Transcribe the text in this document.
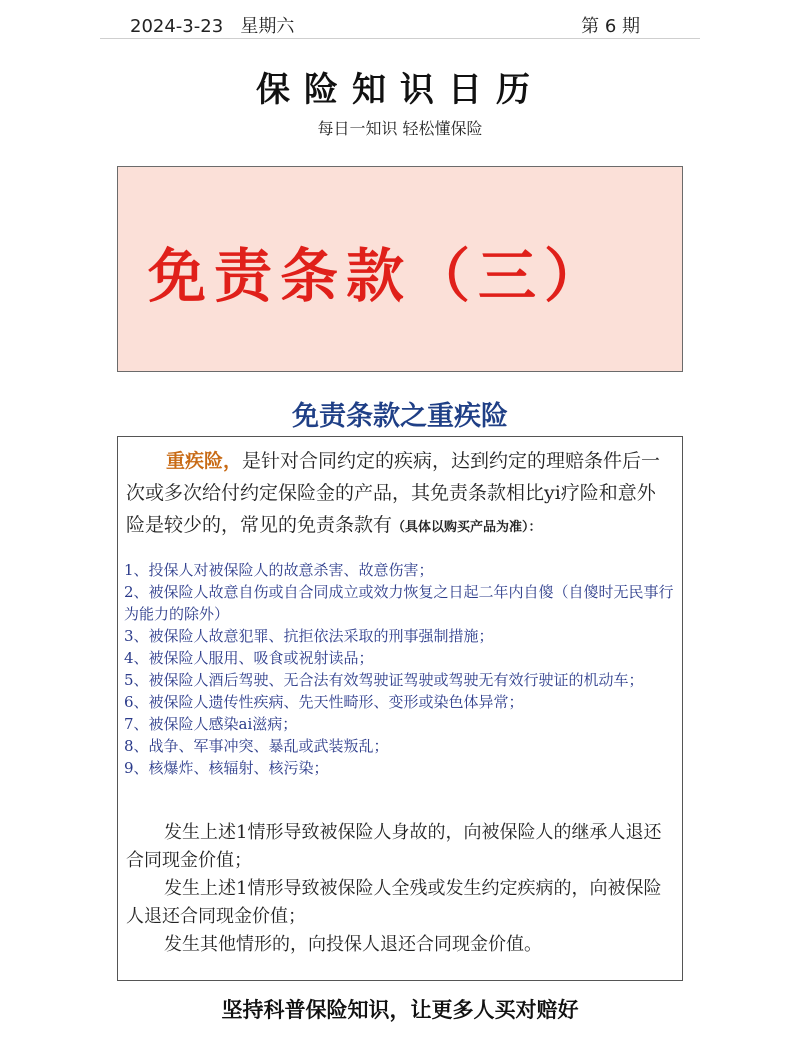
2024-3-23 星期六	第 6 期
保险知识日历
每日一知识 轻松懂保险
免责条款（三）
免责条款之重疾险
重疾险，是针对合同约定的疾病，达到约定的理赔条件后一次或多次给付约定保险金的产品，其免责条款相比yi疗险和意外险是较少的，常见的免责条款有（具体以购买产品为准）：
1、投保人对被保险人的故意杀害、故意伤害；
2、被保险人故意自伤或自合同成立或效力恢复之日起二年内自傻（自傻时无民事行为能力的除外）
3、被保险人故意犯罪、抗拒依法采取的刑事强制措施；
4、被保险人服用、吸食或祝射读品；
5、被保险人酒后驾驶、无合法有效驾驶证驾驶或驾驶无有效行驶证的机动车；
6、被保险人遗传性疾病、先天性畸形、变形或染色体异常；
7、被保险人感染ai滋病；
8、战争、军事冲突、暴乱或武装叛乱；
9、核爆炸、核辐射、核污染；

发生上述1情形导致被保险人身故的，向被保险人的继承人退还合同现金价值；

发生上述1情形导致被保险人全残或发生约定疾病的，向被保险人退还合同现金价值；

发生其他情形的，向投保人退还合同现金价值。

坚持科普保险知识，让更多人买对赔好
